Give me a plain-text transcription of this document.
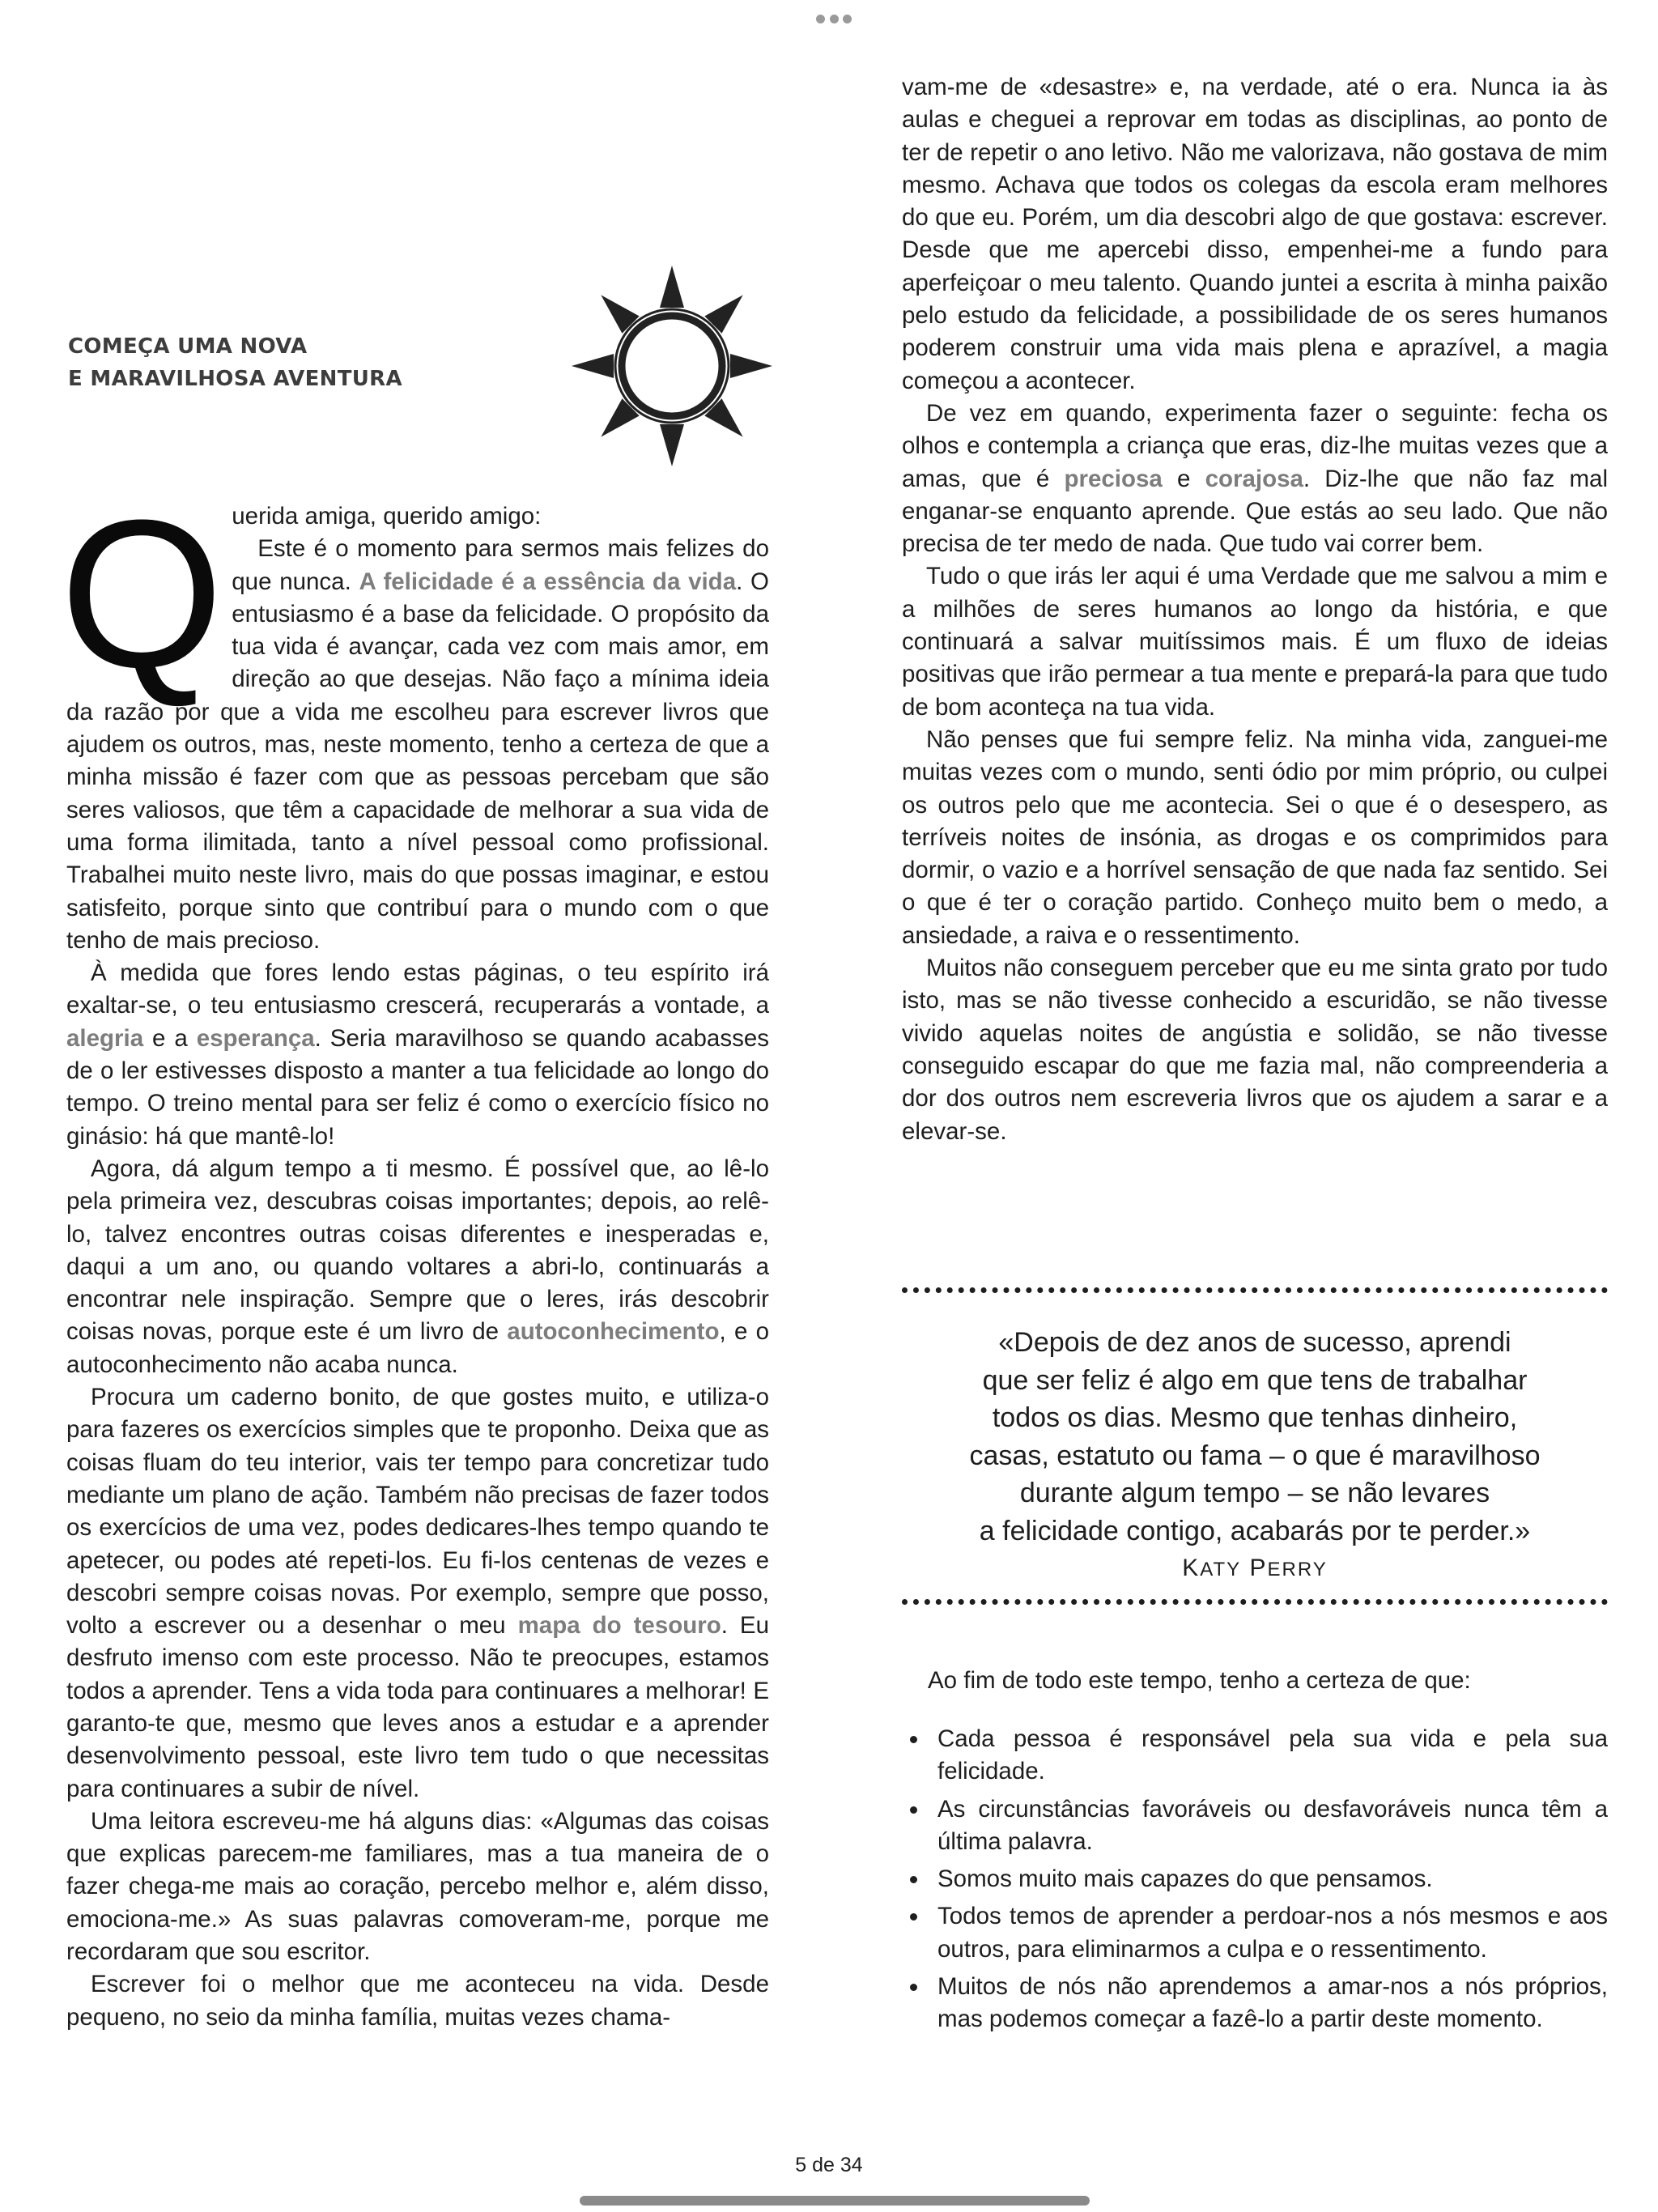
COMEÇA UMA NOVA
E MARAVILHOSA AVENTURA
Q uerida amiga, querido amigo:

Este é o momento para sermos mais felizes do que nunca. A felicidade é a essência da vida. O entusiasmo é a base da felicidade. O propósito da tua vida é avançar, cada vez com mais amor, em direção ao que desejas. Não faço a mínima ideia da razão por que a vida me escolheu para escrever livros que ajudem os outros, mas, neste momento, tenho a certeza de que a minha missão é fazer com que as pessoas percebam que são seres valiosos, que têm a capacidade de melhorar a sua vida de uma forma ilimitada, tanto a nível pessoal como profissional. Trabalhei muito neste livro, mais do que possas imaginar, e estou satisfeito, porque sinto que contribuí para o mundo com o que tenho de mais precioso.

À medida que fores lendo estas páginas, o teu espírito irá exaltar-se, o teu entusiasmo crescerá, recuperarás a vontade, a alegria e a esperança. Seria maravilhoso se quando acabasses de o ler estivesses disposto a manter a tua felicidade ao longo do tempo. O treino mental para ser feliz é como o exercício físico no ginásio: há que mantê-lo!

Agora, dá algum tempo a ti mesmo. É possível que, ao lê-lo pela primeira vez, descubras coisas importantes; depois, ao relê-lo, talvez encontres outras coisas diferentes e inesperadas e, daqui a um ano, ou quando voltares a abri-lo, continuarás a encontrar nele inspiração. Sempre que o leres, irás descobrir coisas novas, porque este é um livro de autoconhecimento, e o autoconhecimento não acaba nunca.

Procura um caderno bonito, de que gostes muito, e utiliza-o para fazeres os exercícios simples que te proponho. Deixa que as coisas fluam do teu interior, vais ter tempo para concretizar tudo mediante um plano de ação. Também não precisas de fazer todos os exercícios de uma vez, podes dedicares-lhes tempo quando te apetecer, ou podes até repeti-los. Eu fi-los centenas de vezes e descobri sempre coisas novas. Por exemplo, sempre que posso, volto a escrever ou a desenhar o meu mapa do tesouro. Eu desfruto imenso com este processo. Não te preocupes, estamos todos a aprender. Tens a vida toda para continuares a melhorar! E garanto-te que, mesmo que leves anos a estudar e a aprender desenvolvimento pessoal, este livro tem tudo o que necessitas para continuares a subir de nível.

Uma leitora escreveu-me há alguns dias: «Algumas das coisas que explicas parecem-me familiares, mas a tua maneira de o fazer chega-me mais ao coração, percebo melhor e, além disso, emociona-me.» As suas palavras comoveram-me, porque me recordaram que sou escritor.

Escrever foi o melhor que me aconteceu na vida. Desde pequeno, no seio da minha família, muitas vezes chama-

vam-me de «desastre» e, na verdade, até o era. Nunca ia às aulas e cheguei a reprovar em todas as disciplinas, ao ponto de ter de repetir o ano letivo. Não me valorizava, não gostava de mim mesmo. Achava que todos os colegas da escola eram melhores do que eu. Porém, um dia descobri algo de que gostava: escrever. Desde que me apercebi disso, empenhei-me a fundo para aperfeiçoar o meu talento. Quando juntei a escrita à minha paixão pelo estudo da felicidade, a possibilidade de os seres humanos poderem construir uma vida mais plena e aprazível, a magia começou a acontecer.

De vez em quando, experimenta fazer o seguinte: fecha os olhos e contempla a criança que eras, diz-lhe muitas vezes que a amas, que é preciosa e corajosa. Diz-lhe que não faz mal enganar-se enquanto aprende. Que estás ao seu lado. Que não precisa de ter medo de nada. Que tudo vai correr bem.

Tudo o que irás ler aqui é uma Verdade que me salvou a mim e a milhões de seres humanos ao longo da história, e que continuará a salvar muitíssimos mais. É um fluxo de ideias positivas que irão permear a tua mente e prepará-la para que tudo de bom aconteça na tua vida.

Não penses que fui sempre feliz. Na minha vida, zanguei-me muitas vezes com o mundo, senti ódio por mim próprio, ou culpei os outros pelo que me acontecia. Sei o que é o desespero, as terríveis noites de insónia, as drogas e os comprimidos para dormir, o vazio e a horrível sensação de que nada faz sentido. Sei o que é ter o coração partido. Conheço muito bem o medo, a ansiedade, a raiva e o ressentimento.

Muitos não conseguem perceber que eu me sinta grato por tudo isto, mas se não tivesse conhecido a escuridão, se não tivesse vivido aquelas noites de angústia e solidão, se não tivesse conseguido escapar do que me fazia mal, não compreenderia a dor dos outros nem escreveria livros que os ajudem a sarar e a elevar-se.

«Depois de dez anos de sucesso, aprendi

que ser feliz é algo em que tens de trabalhar

todos os dias. Mesmo que tenhas dinheiro,

casas, estatuto ou fama – o que é maravilhoso

durante algum tempo – se não levares

a felicidade contigo, acabarás por te perder.»

KATY PERRY

Ao fim de todo este tempo, tenho a certeza de que:

Cada pessoa é responsável pela sua vida e pela sua felicidade.
As circunstâncias favoráveis ou desfavoráveis nunca têm a última palavra.
Somos muito mais capazes do que pensamos.
Todos temos de aprender a perdoar-nos a nós mesmos e aos outros, para eliminarmos a culpa e o ressentimento.
Muitos de nós não aprendemos a amar-nos a nós próprios, mas podemos começar a fazê-lo a partir deste momento.
5 de 34
